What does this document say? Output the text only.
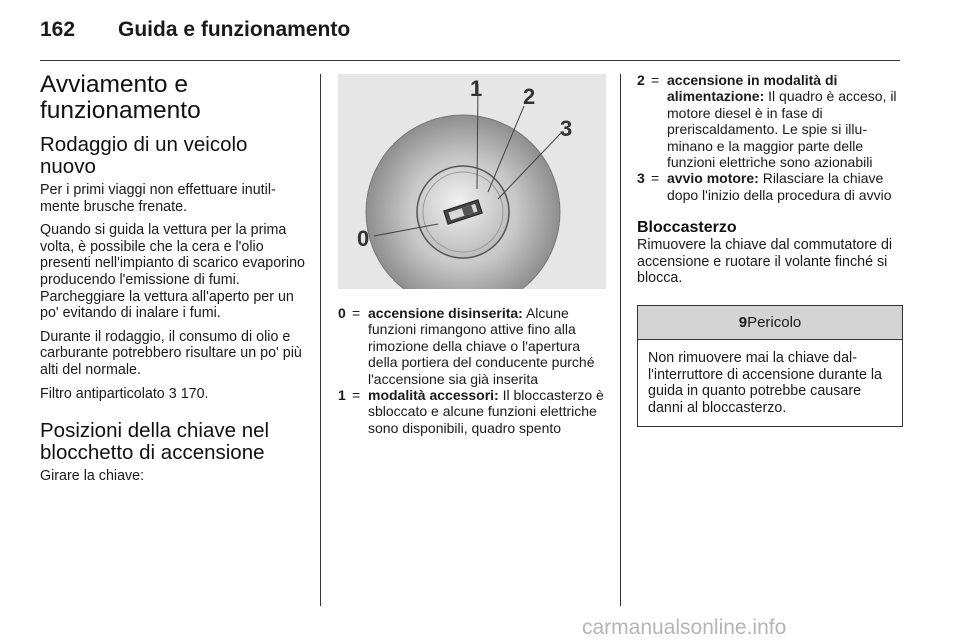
162 Guida e funzionamento
Avviamento e funzionamento
Rodaggio di un veicolo nuovo

Per i primi viaggi non effettuare inutilmente brusche frenate.

Quando si guida la vettura per la prima volta, è possibile che la cera e l'olio presenti nell'impianto di scarico evaporino producendo l'emissione di fumi. Parcheggiare la vettura all'aperto per un po' evitando di inalare i fumi.

Durante il rodaggio, il consumo di olio e carburante potrebbero risultare un po' più alti del normale.

Filtro antiparticolato 3 170.

Posizioni della chiave nel blocchetto di accensione

Girare la chiave:

0
1 2
3
0 = accensione disinserita: Alcune funzioni rimangono attive fino alla rimozione della chiave o l'apertura della portiera del conducente purché l'accensione sia già inserita
1 = modalità accessori: Il bloccasterzo è sbloccato e alcune funzioni elettriche sono disponibili, quadro spento
2 = accensione in modalità di alimentazione: Il quadro è acceso, il motore diesel è in fase di preriscaldamento. Le spie si illuminano e la maggior parte delle funzioni elettriche sono azionabili
3 = avvio motore: Rilasciare la chiave dopo l'inizio della procedura di avvio
Bloccasterzo

Rimuovere la chiave dal commutatore di accensione e ruotare il volante finché si blocca.

9Pericolo
Non rimuovere mai la chiave dall'interruttore di accensione durante la guida in quanto potrebbe causare danni al bloccasterzo.
carmanualsonline.info
